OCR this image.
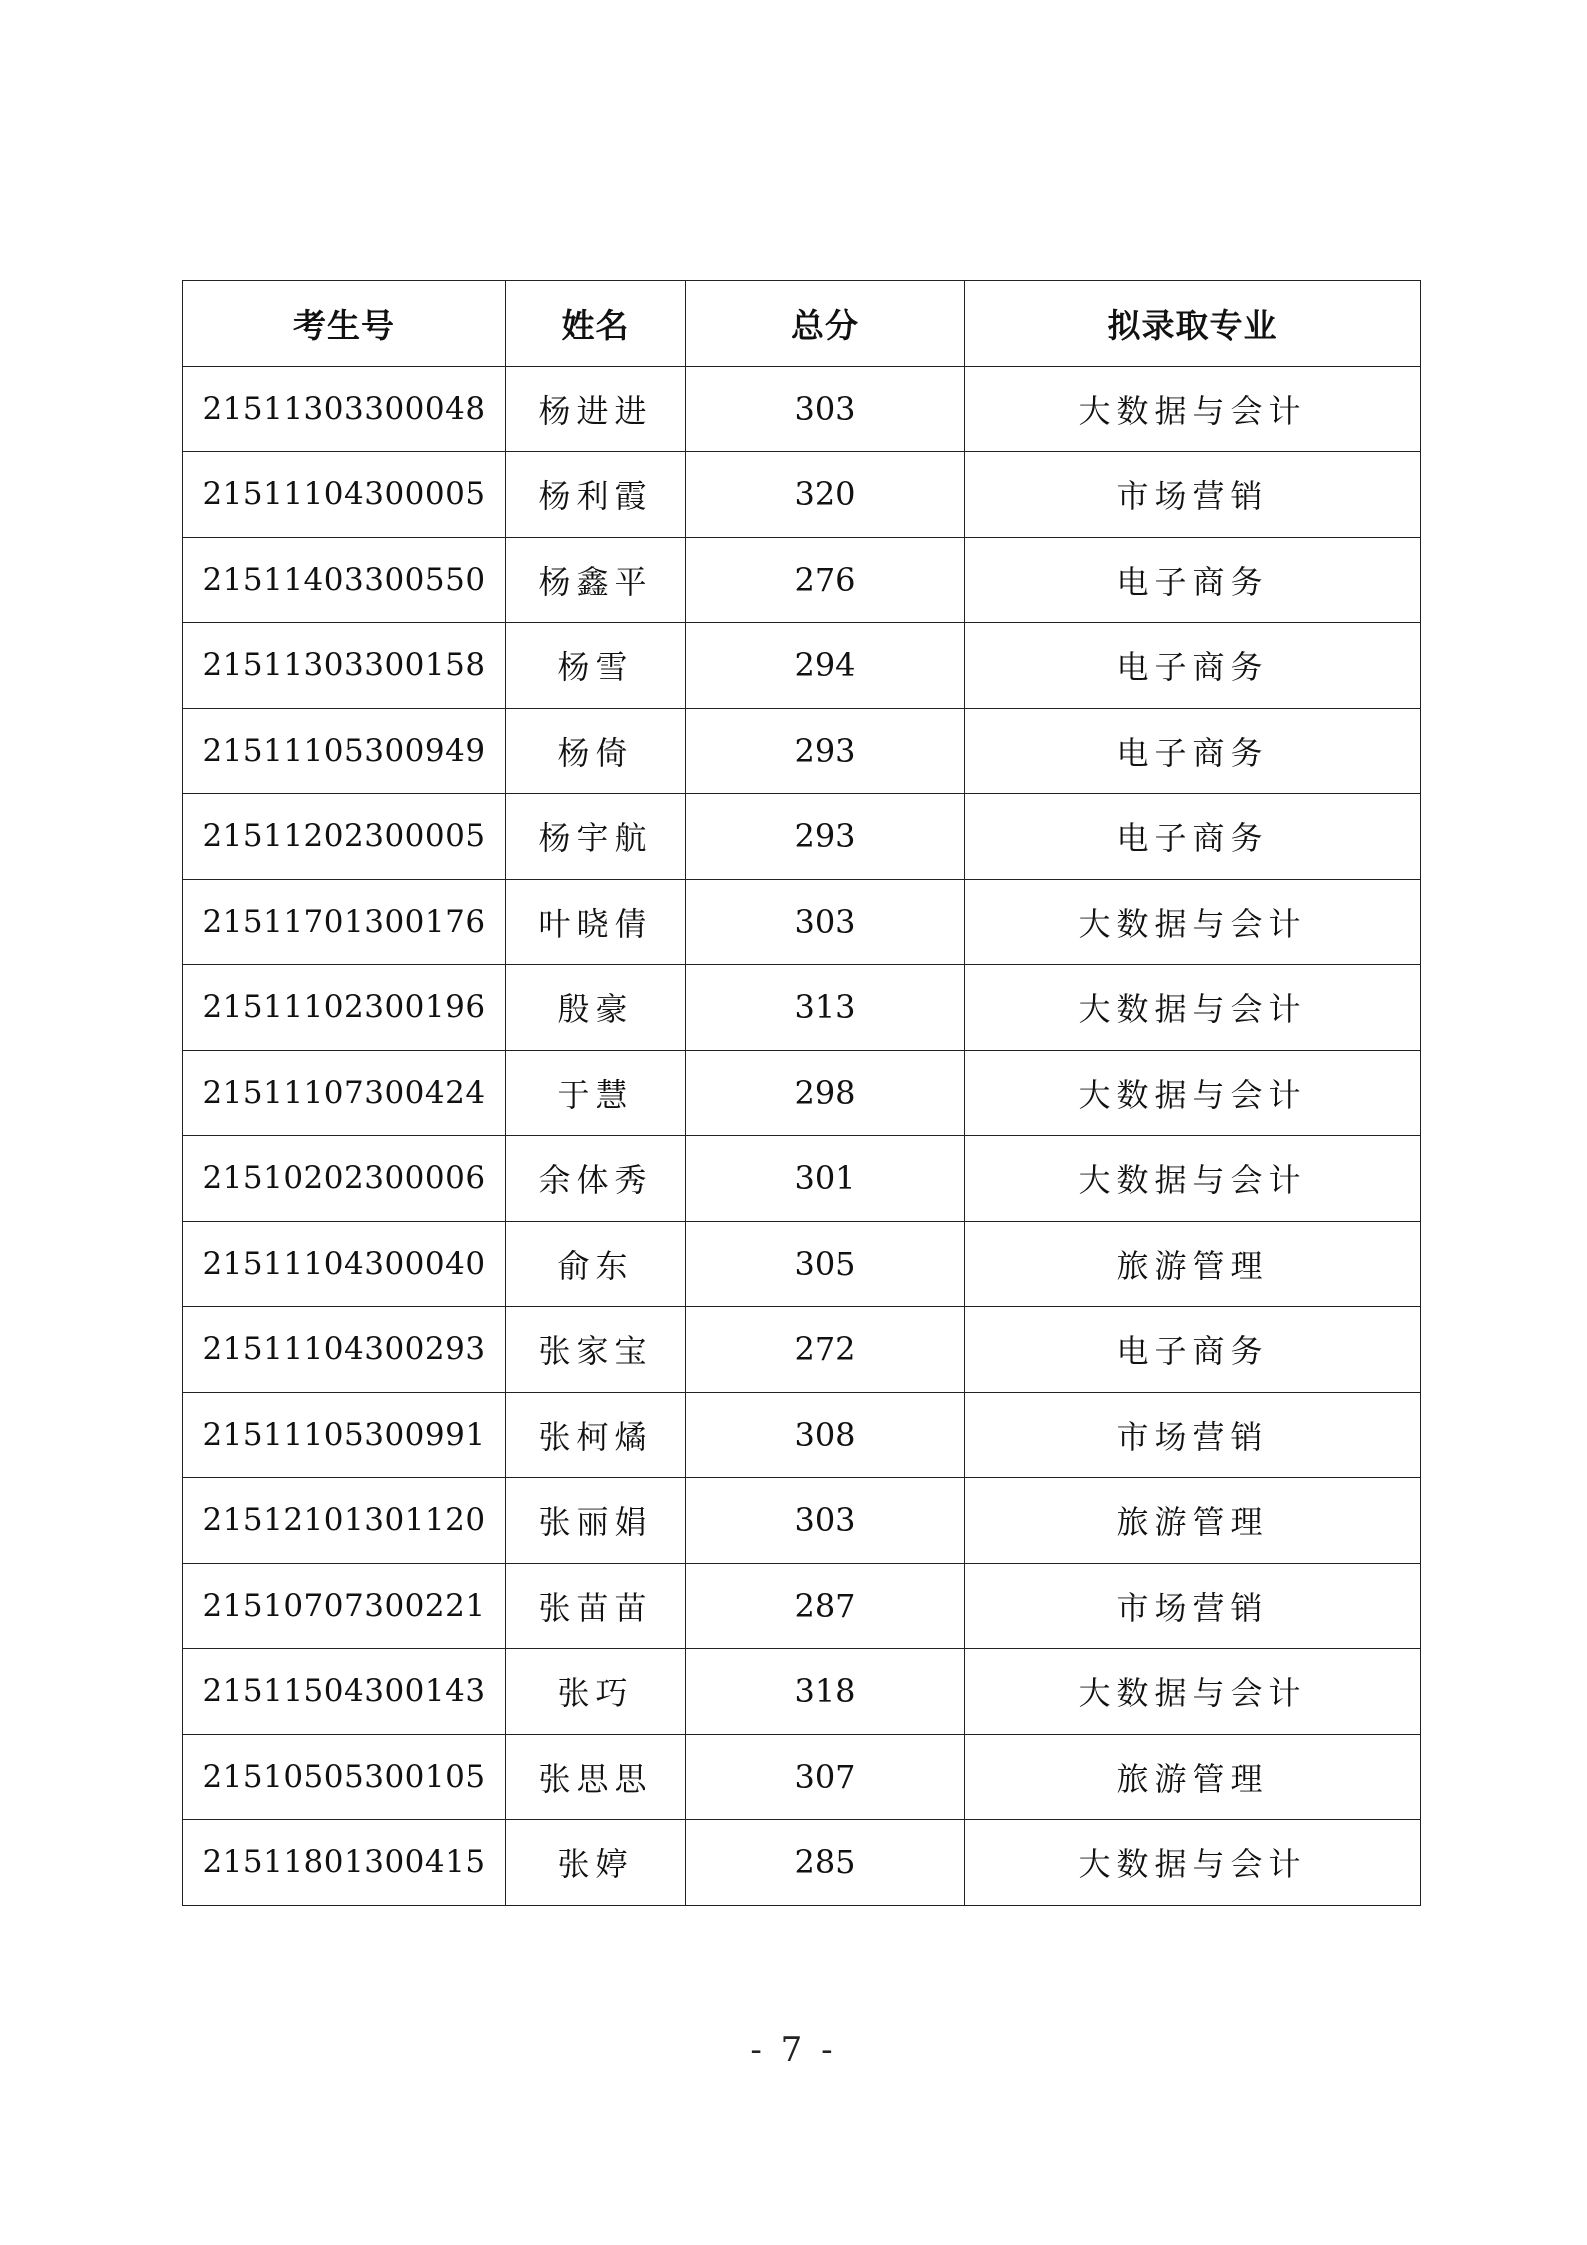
考生号	姓名	总分	拟录取专业
21511303300048	杨进进	303	大数据与会计
21511104300005	杨利霞	320	市场营销
21511403300550	杨鑫平	276	电子商务
21511303300158	杨雪	294	电子商务
21511105300949	杨倚	293	电子商务
21511202300005	杨宇航	293	电子商务
21511701300176	叶晓倩	303	大数据与会计
21511102300196	殷豪	313	大数据与会计
21511107300424	于慧	298	大数据与会计
21510202300006	余体秀	301	大数据与会计
21511104300040	俞东	305	旅游管理
21511104300293	张家宝	272	电子商务
21511105300991	张柯燏	308	市场营销
21512101301120	张丽娟	303	旅游管理
21510707300221	张苗苗	287	市场营销
21511504300143	张巧	318	大数据与会计
21510505300105	张思思	307	旅游管理
21511801300415	张婷	285	大数据与会计
- 7 -
